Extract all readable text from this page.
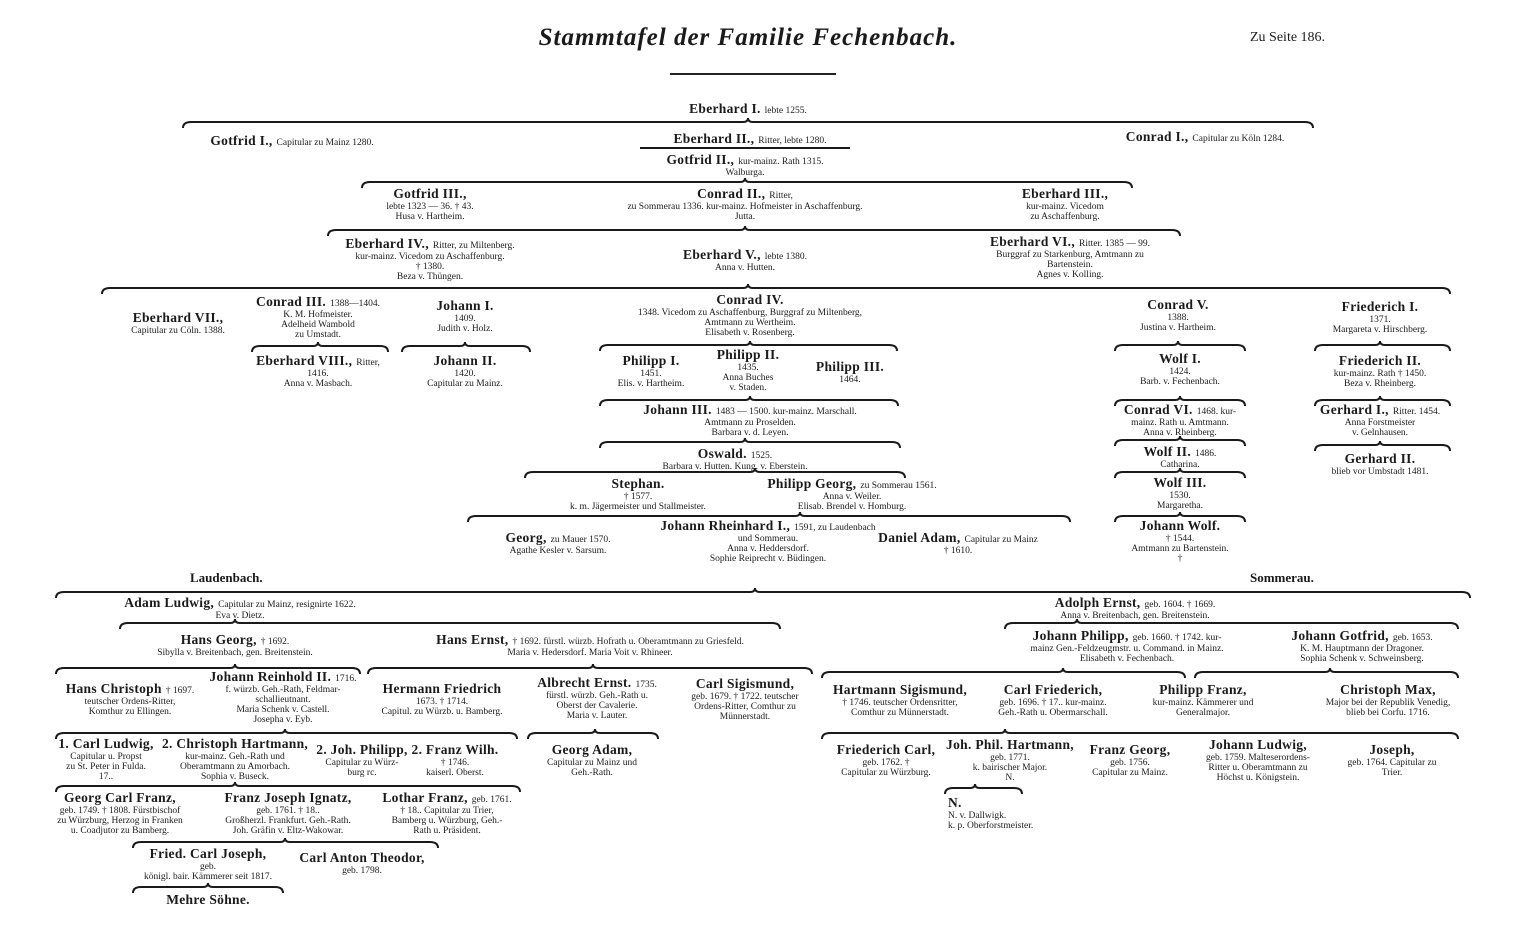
Stammtafel der Familie Fechenbach.	Zu Seite 186.
Laudenbach.	Sommerau.
Eberhard I. lebte 1255.
Gotfrid I., Capitular zu Mainz 1280.	Eberhard II., Ritter, lebte 1280.
Gotfrid II., kur-mainz. Rath 1315.
Walburga.
Conrad I., Capitular zu Köln 1284.
Gotfrid III.,
lebte 1323 — 36. † 43.
Husa v. Hartheim.
Conrad II., Ritter,
zu Sommerau 1336. kur-mainz. Hofmeister in Aschaffenburg.
Jutta.
Eberhard III.,
kur-mainz. Vicedom
zu Aschaffenburg.
Eberhard IV., Ritter, zu Miltenberg.
kur-mainz. Vicedom zu Aschaffenburg.
† 1380.
Beza v. Thüngen.
Eberhard V., lebte 1380.
Anna v. Hutten.
Eberhard VI., Ritter. 1385 — 99.
Burggraf zu Starkenburg, Amtmann zu
Bartenstein.
Agnes v. Kolling.
Eberhard VII.,
Capitular zu Cöln. 1388.
Conrad III. 1388—1404.
K. M. Hofmeister.
Adelheid Wambold
zu Umstadt.
Eberhard VIII., Ritter,
1416.
Anna v. Masbach.
Johann I.
1409.
Judith v. Holz.
Johann II.
1420.
Capitular zu Mainz.
Conrad IV.
1348. Vicedom zu Aschaffenburg, Burggraf zu Miltenberg,
Amtmann zu Wertheim.
Elisabeth v. Rosenberg.
Philipp I.
1451.
Elis. v. Hartheim.
Philipp II.
1435.
Anna Buches
v. Staden.
Philipp III.
1464.
Johann III. 1483 — 1500. kur-mainz. Marschall.
Amtmann zu Proselden.
Barbara v. d. Leyen.
Oswald. 1525.
Barbara v. Hutten. Kung. v. Eberstein.
Stephan.
† 1577.
k. m. Jägermeister und Stallmeister.
Philipp Georg, zu Sommerau 1561.
Anna v. Weiler.
Elisab. Brendel v. Homburg.
Georg, zu Mauer 1570.
Agathe Kesler v. Sarsum.
Johann Rheinhard I., 1591, zu Laudenbach
und Sommerau.
Anna v. Heddersdorf.
Sophie Reiprecht v. Büdingen.
Daniel Adam, Capitular zu Mainz
† 1610.
Conrad V.
1388.
Justina v. Hartheim.
Wolf I.
1424.
Barb. v. Fechenbach.
Conrad VI. 1468. kur-
mainz. Rath u. Amtmann.
Anna v. Rheinberg.
Wolf II. 1486.
Catharina.
Wolf III.
1530.
Margaretha.
Johann Wolf.
† 1544.
Amtmann zu Bartenstein.
†
Friederich I.
1371.
Margareta v. Hirschberg.
Friederich II.
kur-mainz. Rath † 1450.
Beza v. Rheinberg.
Gerhard I., Ritter. 1454.
Anna Forstmeister
v. Gelnhausen.
Gerhard II.
blieb vor Umbstadt 1481.
Adam Ludwig, Capitular zu Mainz, resignirte 1622.
Eva v. Dietz.
Hans Georg, † 1692.
Sibylla v. Breitenbach, gen. Breitenstein.
Hans Ernst, † 1692. fürstl. würzb. Hofrath u. Oberamtmann zu Griesfeld.
Maria v. Hedersdorf. Maria Voit v. Rhineer.
Hans Christoph † 1697.
teutscher Ordens-Ritter,
Komthur zu Ellingen.
Johann Reinhold II. 1716.
f. würzb. Geh.-Rath, Feldmar-
schallieutnant.
Maria Schenk v. Castell.
Josepha v. Eyb.
Hermann Friedrich
1673. † 1714.
Capitul. zu Würzb. u. Bamberg.
Albrecht Ernst. 1735.
fürstl. würzb. Geh.-Rath u.
Oberst der Cavalerie.
Maria v. Lauter.
Carl Sigismund,
geb. 1679. † 1722. teutscher
Ordens-Ritter, Comthur zu
Münnerstadt.
1. Carl Ludwig,
Capitular u. Propst
zu St. Peter in Fulda.
17..
2. Christoph Hartmann,
kur-mainz. Geh.-Rath und
Oberamtmann zu Amorbach.
Sophia v. Buseck.
2. Joh. Philipp,
Capitular zu Würz-
burg rc.
2. Franz Wilh.
† 1746.
kaiserl. Oberst.
Georg Adam,
Capitular zu Mainz und
Geh.-Rath.
Georg Carl Franz,
geb. 1749. † 1808. Fürstbischof
zu Würzburg, Herzog in Franken
u. Coadjutor zu Bamberg.
Franz Joseph Ignatz,
geb. 1761. † 18..
Großherzl. Frankfurt. Geh.-Rath.
Joh. Gräfin v. Eltz-Wakowar.
Lothar Franz, geb. 1761.
† 18.. Capitular zu Trier,
Bamberg u. Würzburg, Geh.-
Rath u. Präsident.
Fried. Carl Joseph,
geb.
königl. bair. Kämmerer seit 1817.
Carl Anton Theodor,
geb. 1798.
Mehre Söhne.
Adolph Ernst, geb. 1604. † 1669.
Anna v. Breitenbach, gen. Breitenstein.
Johann Philipp, geb. 1660. † 1742. kur-
mainz Gen.-Feldzeugmstr. u. Command. in Mainz.
Elisabeth v. Fechenbach.
Johann Gotfrid, geb. 1653.
K. M. Hauptmann der Dragoner.
Sophia Schenk v. Schweinsberg.
Hartmann Sigismund,
† 1746. teutscher Ordensritter,
Comthur zu Münnerstadt.
Carl Friederich,
geb. 1696. † 17.. kur-mainz.
Geh.-Rath u. Obermarschall.
Philipp Franz,
kur-mainz. Kämmerer und
Generalmajor.
Christoph Max,
Major bei der Republik Venedig,
blieb bei Corfu. 1716.
Friederich Carl,
geb. 1762. †
Capitular zu Würzburg.
Joh. Phil. Hartmann,
geb. 1771.
k. bairischer Major.
N.
Franz Georg,
geb. 1756.
Capitular zu Mainz.
Johann Ludwig,
geb. 1759. Malteserordens-
Ritter u. Oberamtmann zu
Höchst u. Königstein.
Joseph,
geb. 1764. Capitular zu
Trier.
N.
N. v. Dallwigk.
k. p. Oberforstmeister.
